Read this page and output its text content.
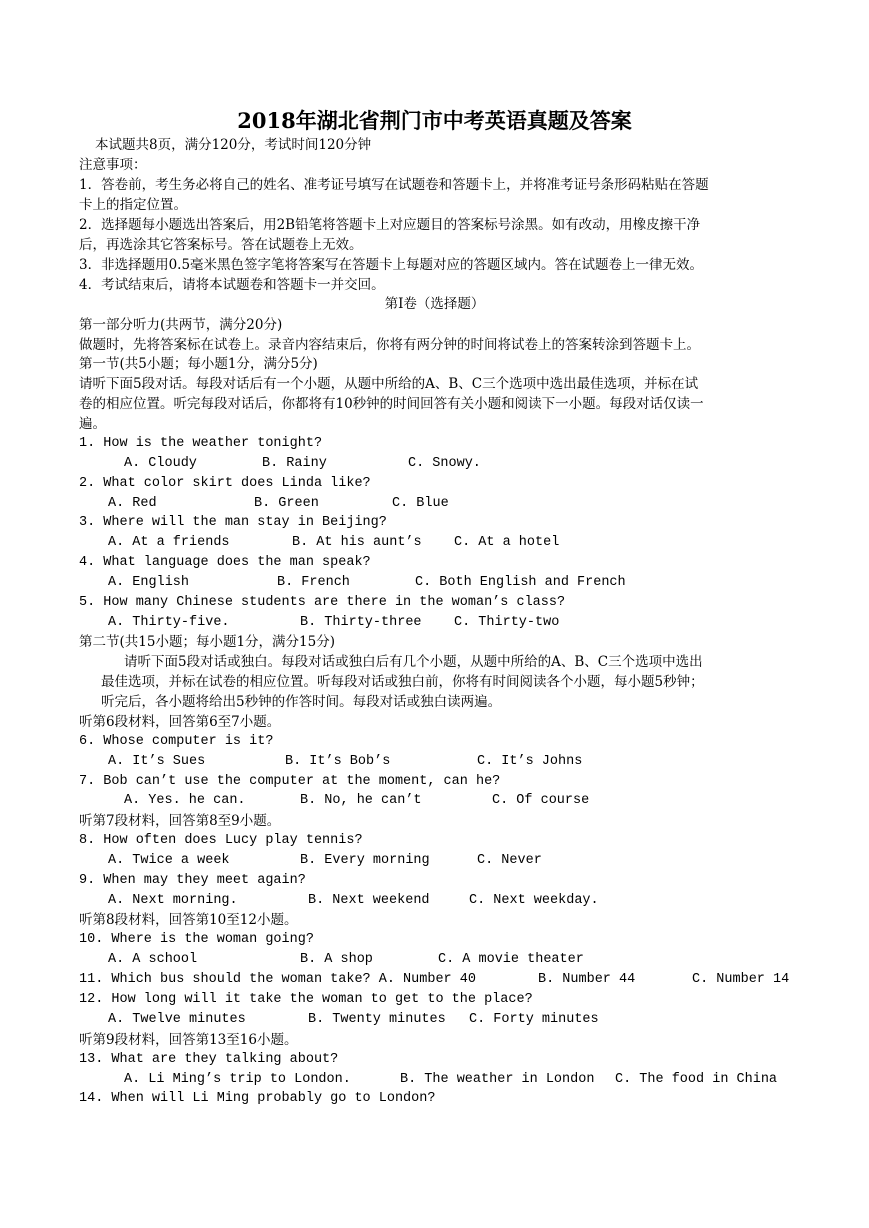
2018年湖北省荆门市中考英语真题及答案
本试题共8页，满分120分，考试时间120分钟
注意事项：
1．答卷前，考生务必将自己的姓名、准考证号填写在试题卷和答题卡上，并将准考证号条形码粘贴在答题
卡上的指定位置。
2．选择题每小题选出答案后，用2B铅笔将答题卡上对应题目的答案标号涂黑。如有改动，用橡皮擦干净
后，再选涂其它答案标号。答在试题卷上无效。
3．非选择题用0.5毫米黑色签字笔将答案写在答题卡上每题对应的答题区域内。答在试题卷上一律无效。
4．考试结束后，请将本试题卷和答题卡一并交回。
第Ⅰ卷（选择题）
第一部分听力(共两节，满分20分)
做题时，先将答案标在试卷上。录音内容结束后，你将有两分钟的时间将试卷上的答案转涂到答题卡上。
第一节(共5小题；每小题1分，满分5分)
请听下面5段对话。每段对话后有一个小题，从题中所给的A、B、C三个选项中选出最佳选项，并标在试
卷的相应位置。听完每段对话后，你都将有10秒钟的时间回答有关小题和阅读下一小题。每段对话仅读一
遍。
1. How is the weather tonight?
A. Cloudy	B. Rainy	C. Snowy.
2. What color skirt does Linda like?
A. Red	B. Green	C. Blue
3. Where will the man stay in Beijing?
A. At a friends	B. At his aunt’s C. At a hotel
4. What language does the man speak?
A. English	B. French	C. Both English and French
5. How many Chinese students are there in the woman’s class?
A. Thirty-five.	B. Thirty-three C. Thirty-two
第二节(共15小题；每小题1分，满分15分)
请听下面5段对话或独白。每段对话或独白后有几个小题，从题中所给的A、B、C三个选项中选出
最佳选项，并标在试卷的相应位置。听每段对话或独白前，你将有时间阅读各个小题，每小题5秒钟；
听完后，各小题将给出5秒钟的作答时间。每段对话或独白读两遍。
听第6段材料，回答第6至7小题。
6. Whose computer is it?
A. It’s Sues	B. It’s Bob’s	C. It’s Johns
7. Bob can’t use the computer at the moment, can he?
A. Yes. he can.	B. No, he can’t	C. Of course
听第7段材料，回答第8至9小题。
8. How often does Lucy play tennis?
A. Twice a week	B. Every morning	C. Never
9. When may they meet again?
A. Next morning.	B. Next weekend	C. Next weekday.
听第8段材料，回答第10至12小题。
10. Where is the woman going?
A. A school	B. A shop	C. A movie theater
11. Which bus should the woman take? A. Number 40	B. Number 44	C. Number 14
12. How long will it take the woman to get to the place?
A. Twelve minutes	B. Twenty minutes C. Forty minutes
听第9段材料，回答第13至16小题。
13. What are they talking about?
A. Li Ming’s trip to London.	B. The weather in London C. The food in China
14. When will Li Ming probably go to London?
